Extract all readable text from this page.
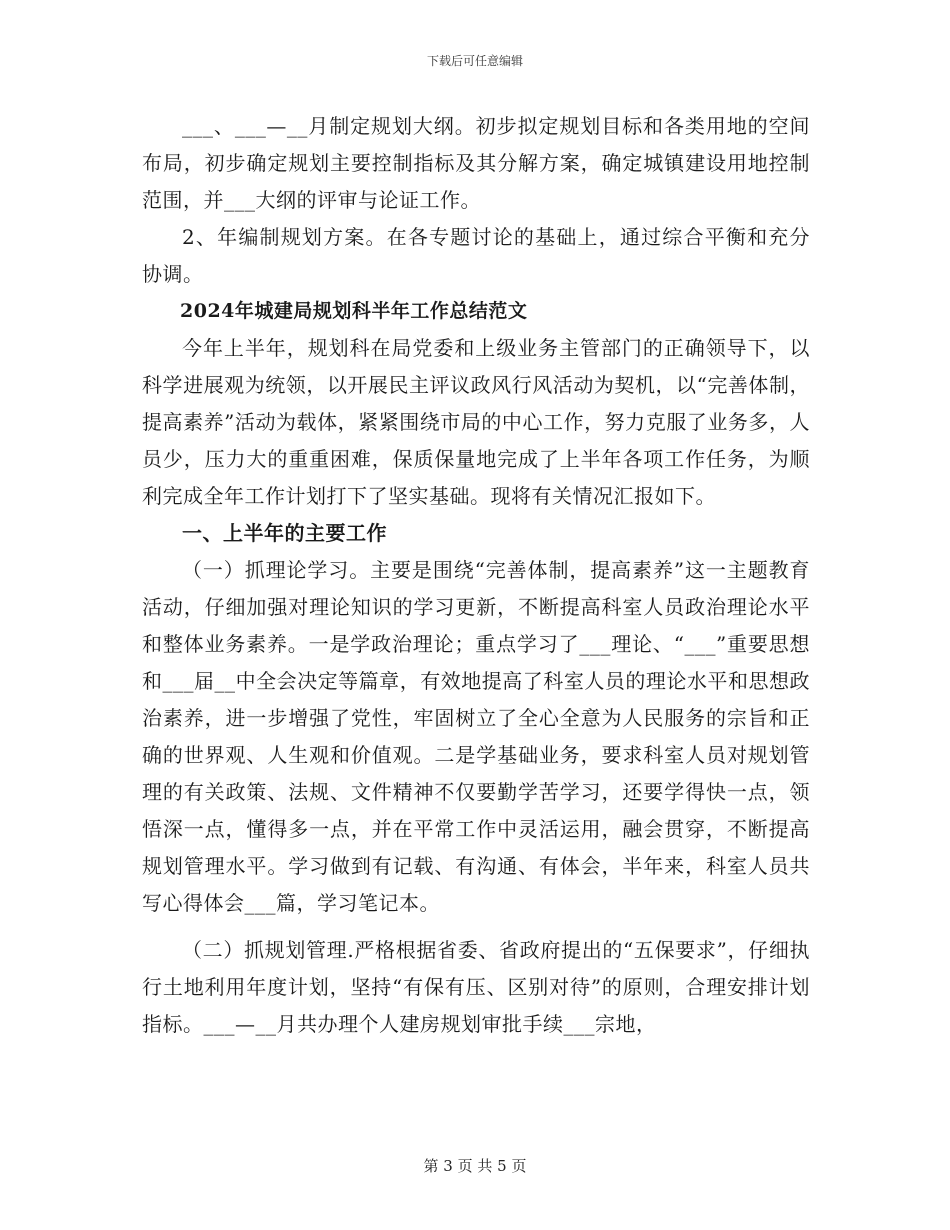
下载后可任意编辑

___、___—__月制定规划大纲。初步拟定规划目标和各类用地的空间布局，初步确定规划主要控制指标及其分解方案，确定城镇建设用地控制范围，并___大纲的评审与论证工作。

2、年编制规划方案。在各专题讨论的基础上，通过综合平衡和充分协调。

2024年城建局规划科半年工作总结范文

今年上半年，规划科在局党委和上级业务主管部门的正确领导下，以科学进展观为统领，以开展民主评议政风行风活动为契机，以“完善体制，提高素养”活动为载体，紧紧围绕市局的中心工作，努力克服了业务多，人员少，压力大的重重困难，保质保量地完成了上半年各项工作任务，为顺利完成全年工作计划打下了坚实基础。现将有关情况汇报如下。

一、上半年的主要工作

（一）抓理论学习。主要是围绕“完善体制，提高素养”这一主题教育活动，仔细加强对理论知识的学习更新，不断提高科室人员政治理论水平和整体业务素养。一是学政治理论；重点学习了___理论、“___”重要思想和___届__中全会决定等篇章，有效地提高了科室人员的理论水平和思想政治素养，进一步增强了党性，牢固树立了全心全意为人民服务的宗旨和正确的世界观、人生观和价值观。二是学基础业务，要求科室人员对规划管理的有关政策、法规、文件精神不仅要勤学苦学习，还要学得快一点，领悟深一点，懂得多一点，并在平常工作中灵活运用，融会贯穿，不断提高规划管理水平。学习做到有记载、有沟通、有体会，半年来，科室人员共写心得体会___篇，学习笔记本。

（二）抓规划管理.严格根据省委、省政府提出的“五保要求”，仔细执行土地利用年度计划，坚持“有保有压、区别对待”的原则，合理安排计划指标。___—__月共办理个人建房规划审批手续___宗地，

第 3 页 共 5 页
